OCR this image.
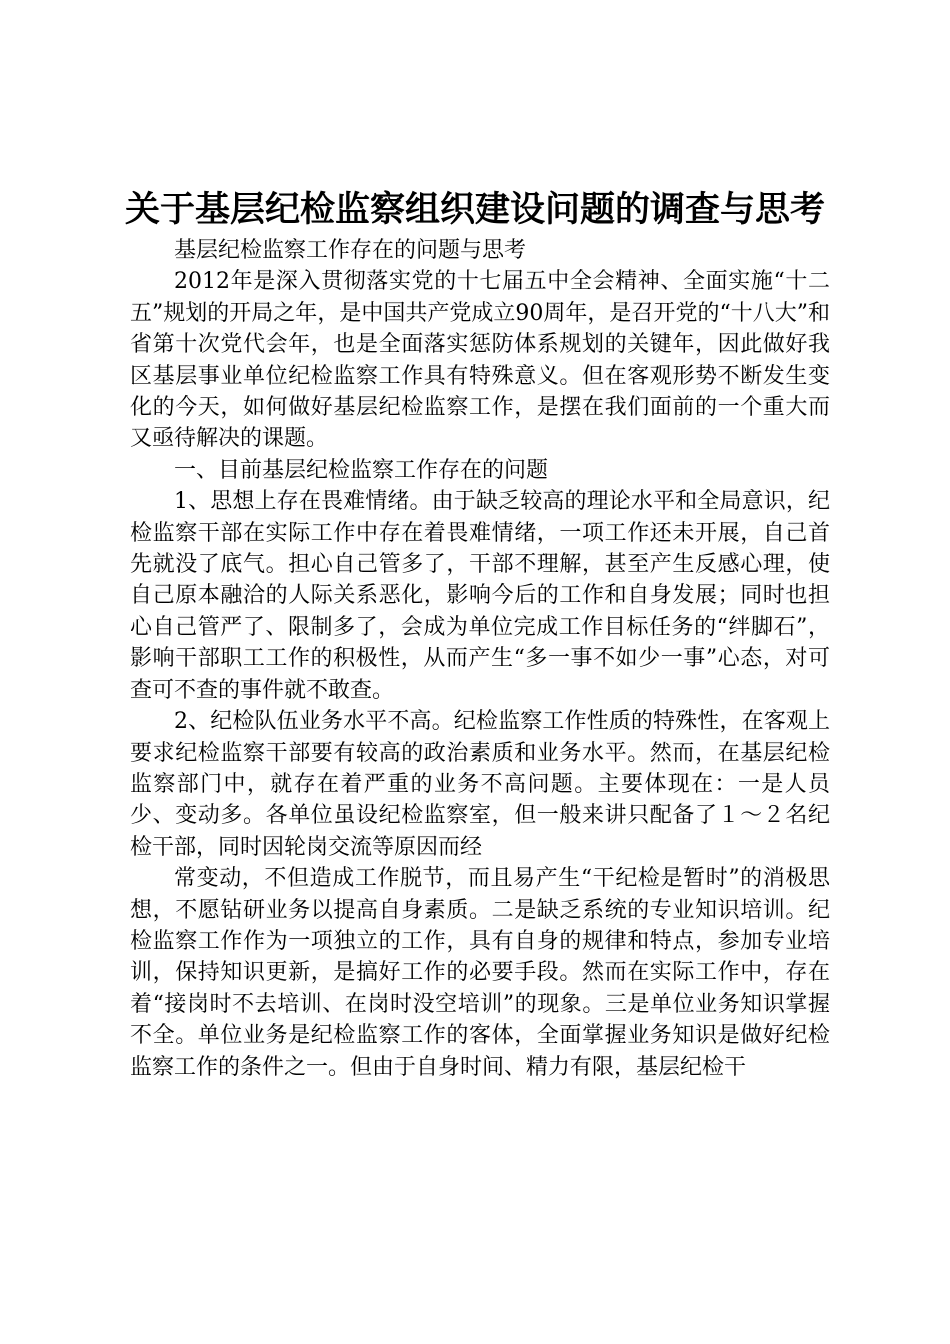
关于基层纪检监察组织建设问题的调查与思考

基层纪检监察工作存在的问题与思考

2012年是深入贯彻落实党的十七届五中全会精神、全面实施“十二五”规划的开局之年，是中国共产党成立90周年，是召开党的“十八大”和省第十次党代会年，也是全面落实惩防体系规划的关键年，因此做好我区基层事业单位纪检监察工作具有特殊意义。但在客观形势不断发生变化的今天，如何做好基层纪检监察工作，是摆在我们面前的一个重大而又亟待解决的课题。

一、目前基层纪检监察工作存在的问题

1、思想上存在畏难情绪。由于缺乏较高的理论水平和全局意识，纪检监察干部在实际工作中存在着畏难情绪，一项工作还未开展，自己首先就没了底气。担心自己管多了，干部不理解，甚至产生反感心理，使自己原本融洽的人际关系恶化，影响今后的工作和自身发展；同时也担心自己管严了、限制多了，会成为单位完成工作目标任务的“绊脚石”，影响干部职工工作的积极性，从而产生“多一事不如少一事”心态，对可查可不查的事件就不敢查。

2、纪检队伍业务水平不高。纪检监察工作性质的特殊性，在客观上要求纪检监察干部要有较高的政治素质和业务水平。然而，在基层纪检监察部门中，就存在着严重的业务不高问题。主要体现在：一是人员少、变动多。各单位虽设纪检监察室，但一般来讲只配备了１～２名纪检干部，同时因轮岗交流等原因而经

常变动，不但造成工作脱节，而且易产生“干纪检是暂时”的消极思想，不愿钻研业务以提高自身素质。二是缺乏系统的专业知识培训。纪检监察工作作为一项独立的工作，具有自身的规律和特点，参加专业培训，保持知识更新，是搞好工作的必要手段。然而在实际工作中，存在着“接岗时不去培训、在岗时没空培训”的现象。三是单位业务知识掌握不全。单位业务是纪检监察工作的客体，全面掌握业务知识是做好纪检监察工作的条件之一。但由于自身时间、精力有限，基层纪检干
